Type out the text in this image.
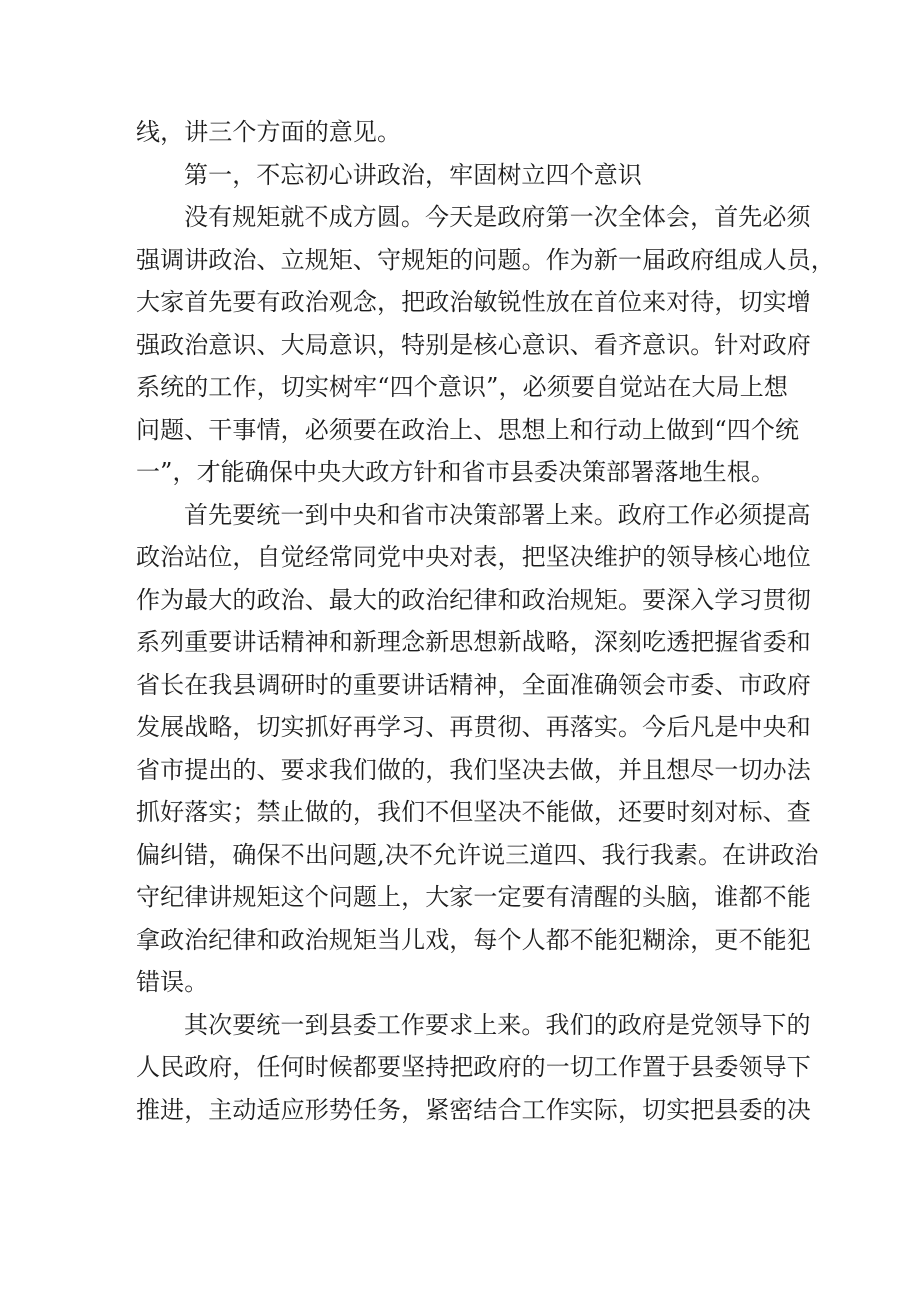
线，讲三个方面的意见。
第一，不忘初心讲政治，牢固树立四个意识
没有规矩就不成方圆。今天是政府第一次全体会，首先必须
强调讲政治、立规矩、守规矩的问题。作为新一届政府组成人员，
大家首先要有政治观念，把政治敏锐性放在首位来对待，切实增
强政治意识、大局意识，特别是核心意识、看齐意识。针对政府
系统的工作，切实树牢“四个意识”，必须要自觉站在大局上想
问题、干事情，必须要在政治上、思想上和行动上做到“四个统
一”，才能确保中央大政方针和省市县委决策部署落地生根。
首先要统一到中央和省市决策部署上来。政府工作必须提高
政治站位，自觉经常同党中央对表，把坚决维护的领导核心地位
作为最大的政治、最大的政治纪律和政治规矩。要深入学习贯彻
系列重要讲话精神和新理念新思想新战略，深刻吃透把握省委和
省长在我县调研时的重要讲话精神，全面准确领会市委、市政府
发展战略，切实抓好再学习、再贯彻、再落实。今后凡是中央和
省市提出的、要求我们做的，我们坚决去做，并且想尽一切办法
抓好落实；禁止做的，我们不但坚决不能做，还要时刻对标、查
偏纠错，确保不出问题,决不允许说三道四、我行我素。在讲政治
守纪律讲规矩这个问题上，大家一定要有清醒的头脑，谁都不能
拿政治纪律和政治规矩当儿戏，每个人都不能犯糊涂，更不能犯
错误。
其次要统一到县委工作要求上来。我们的政府是党领导下的
人民政府，任何时候都要坚持把政府的一切工作置于县委领导下
推进，主动适应形势任务，紧密结合工作实际，切实把县委的决
